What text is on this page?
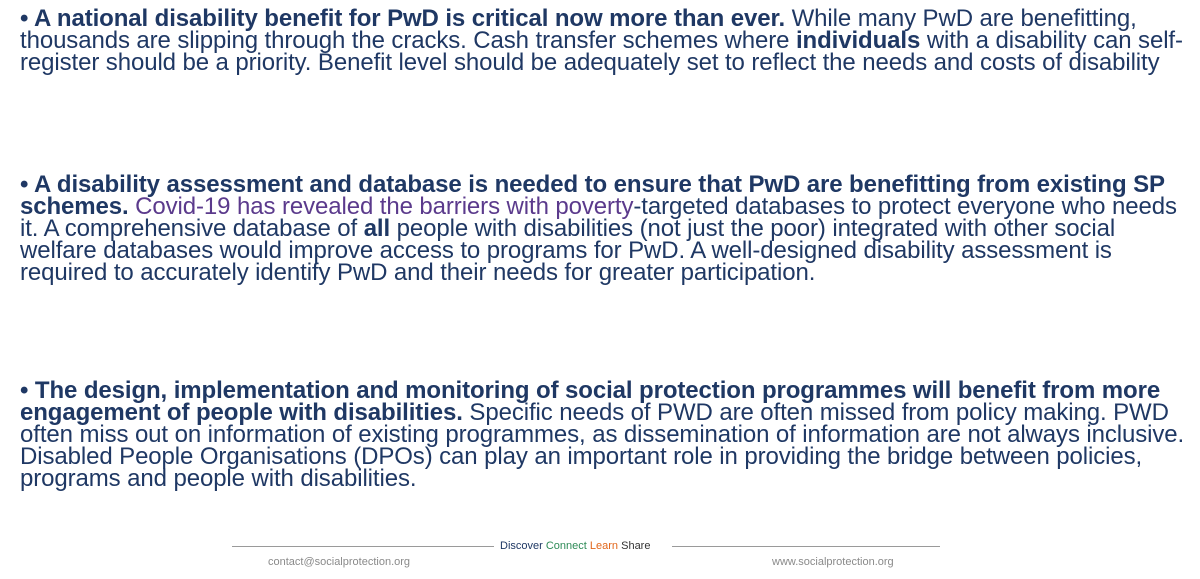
• A national disability benefit for PwD is critical now more than ever. While many PwD are benefitting, thousands are slipping through the cracks. Cash transfer schemes where individuals with a disability can self-register should be a priority. Benefit level should be adequately set to reflect the needs and costs of disability

• A disability assessment and database is needed to ensure that PwD are benefitting from existing SP schemes. Covid-19 has revealed the barriers with poverty-targeted databases to protect everyone who needs it. A comprehensive database of all people with disabilities (not just the poor) integrated with other social welfare databases would improve access to programs for PwD. A well-designed disability assessment is required to accurately identify PwD and their needs for greater participation.

• The design, implementation and monitoring of social protection programmes will benefit from more engagement of people with disabilities. Specific needs of PWD are often missed from policy making. PWD often miss out on information of existing programmes, as dissemination of information are not always inclusive. Disabled People Organisations (DPOs) can play an important role in providing the bridge between policies, programs and people with disabilities.

Discover Connect Learn Share
contact@socialprotection.org	www.socialprotection.org
